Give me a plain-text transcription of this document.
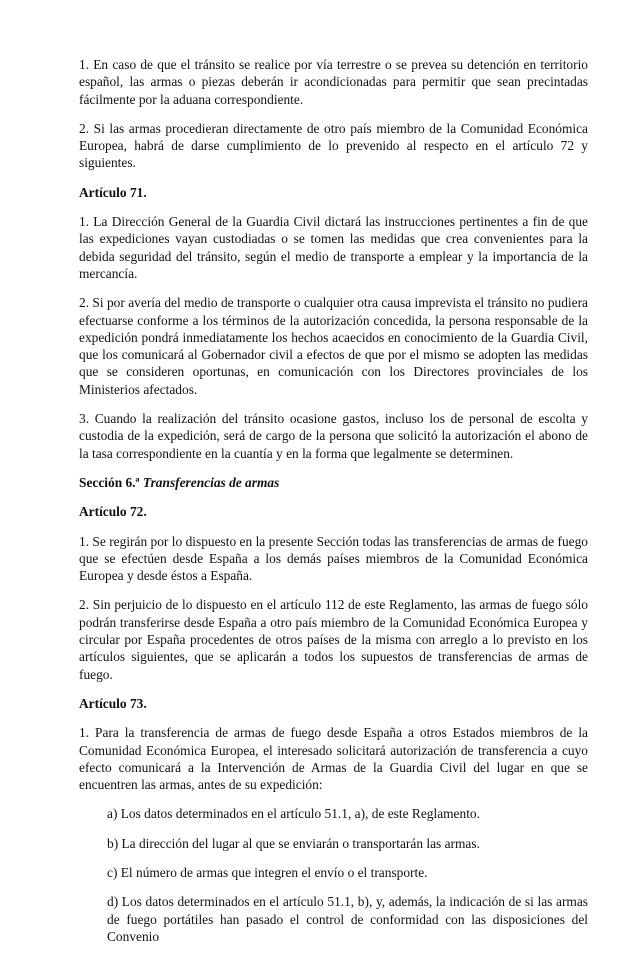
1. En caso de que el tránsito se realice por vía terrestre o se prevea su detención en territorio español, las armas o piezas deberán ir acondicionadas para permitir que sean precintadas fácilmente por la aduana correspondiente.

2. Si las armas procedieran directamente de otro país miembro de la Comunidad Económica Europea, habrá de darse cumplimiento de lo prevenido al respecto en el artículo 72 y siguientes.

Artículo 71.

1. La Dirección General de la Guardia Civil dictará las instrucciones pertinentes a fin de que las expediciones vayan custodiadas o se tomen las medidas que crea convenientes para la debida seguridad del tránsito, según el medio de transporte a emplear y la importancia de la mercancía.

2. Si por avería del medio de transporte o cualquier otra causa imprevista el tránsito no pudiera efectuarse conforme a los términos de la autorización concedida, la persona responsable de la expedición pondrá inmediatamente los hechos acaecidos en conocimiento de la Guardia Civil, que los comunicará al Gobernador civil a efectos de que por el mismo se adopten las medidas que se consideren oportunas, en comunicación con los Directores provinciales de los Ministerios afectados.

3. Cuando la realización del tránsito ocasione gastos, incluso los de personal de escolta y custodia de la expedición, será de cargo de la persona que solicitó la autorización el abono de la tasa correspondiente en la cuantía y en la forma que legalmente se determinen.

Sección 6.ª Transferencias de armas

Artículo 72.

1. Se regirán por lo dispuesto en la presente Sección todas las transferencias de armas de fuego que se efectúen desde España a los demás países miembros de la Comunidad Económica Europea y desde éstos a España.

2. Sin perjuicio de lo dispuesto en el artículo 112 de este Reglamento, las armas de fuego sólo podrán transferirse desde España a otro país miembro de la Comunidad Económica Europea y circular por España procedentes de otros países de la misma con arreglo a lo previsto en los artículos siguientes, que se aplicarán a todos los supuestos de transferencias de armas de fuego.

Artículo 73.

1. Para la transferencia de armas de fuego desde España a otros Estados miembros de la Comunidad Económica Europea, el interesado solicitará autorización de transferencia a cuyo efecto comunicará a la Intervención de Armas de la Guardia Civil del lugar en que se encuentren las armas, antes de su expedición:

a) Los datos determinados en el artículo 51.1, a), de este Reglamento.

b) La dirección del lugar al que se enviarán o transportarán las armas.

c) El número de armas que integren el envío o el transporte.

d) Los datos determinados en el artículo 51.1, b), y, además, la indicación de si las armas de fuego portátiles han pasado el control de conformidad con las disposiciones del Convenio
